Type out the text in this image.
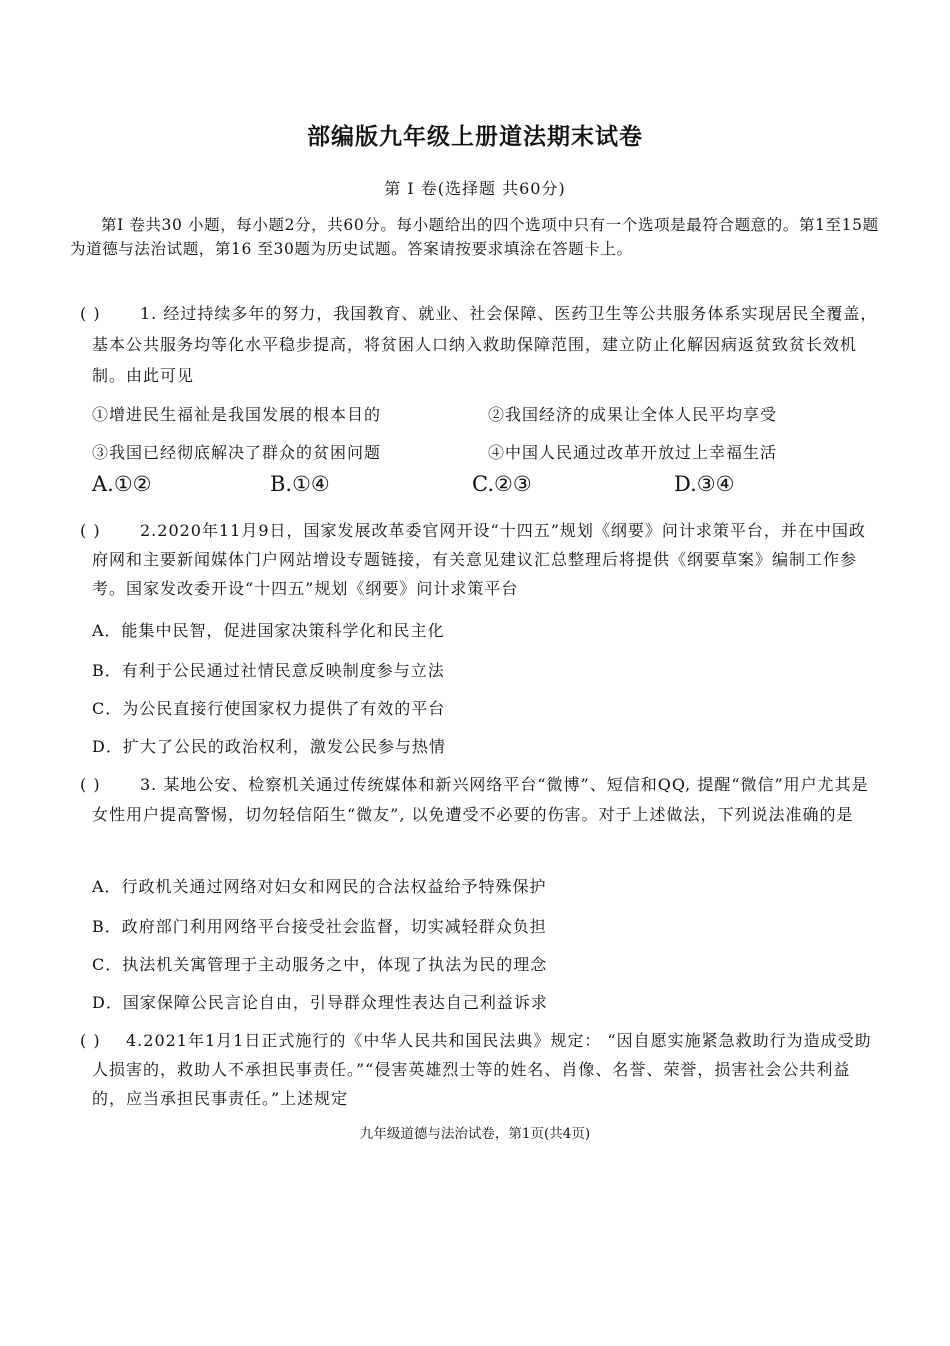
部编版九年级上册道法期末试卷
第 I 卷(选择题 共60分)
第Ⅰ 卷共30 小题，每小题2分，共60分。每小题给出的四个选项中只有一个选项是最符合题意的。第1至15题为道德与法治试题，第16 至30题为历史试题。答案请按要求填涂在答题卡上。
( ) 1. 经过持续多年的努力，我国教育、就业、社会保障、医药卫生等公共服务体系实现居民全覆盖，基本公共服务均等化水平稳步提高，将贫困人口纳入救助保障范围，建立防止化解因病返贫致贫长效机制。由此可见
①增进民生福祉是我国发展的根本目的	②我国经济的成果让全体人民平均享受
③我国已经彻底解决了群众的贫困问题	④中国人民通过改革开放过上幸福生活
A.①②	B.①④	C.②③	D.③④
( ) 2.2020年11月9日，国家发展改革委官网开设“十四五”规划《纲要》问计求策平台，并在中国政府网和主要新闻媒体门户网站增设专题链接，有关意见建议汇总整理后将提供《纲要草案》编制工作参考。国家发改委开设“十四五”规划《纲要》问计求策平台
A．能集中民智，促进国家决策科学化和民主化
B．有利于公民通过社情民意反映制度参与立法
C．为公民直接行使国家权力提供了有效的平台
D．扩大了公民的政治权利，激发公民参与热情
( ) 3. 某地公安、检察机关通过传统媒体和新兴网络平台“微博”、短信和QQ, 提醒“微信”用户尤其是女性用户提高警惕，切勿轻信陌生“微友”, 以免遭受不必要的伤害。对于上述做法，下列说法准确的是
A．行政机关通过网络对妇女和网民的合法权益给予特殊保护
B．政府部门利用网络平台接受社会监督，切实减轻群众负担
C．执法机关寓管理于主动服务之中，体现了执法为民的理念
D．国家保障公民言论自由，引导群众理性表达自己利益诉求
( ) 4.2021年1月1日正式施行的《中华人民共和国民法典》规定： “因自愿实施紧急救助行为造成受助人损害的，救助人不承担民事责任。”“侵害英雄烈士等的姓名、肖像、名誉、荣誉，损害社会公共利益的，应当承担民事责任。”上述规定
九年级道德与法治试卷，第1页(共4页)
